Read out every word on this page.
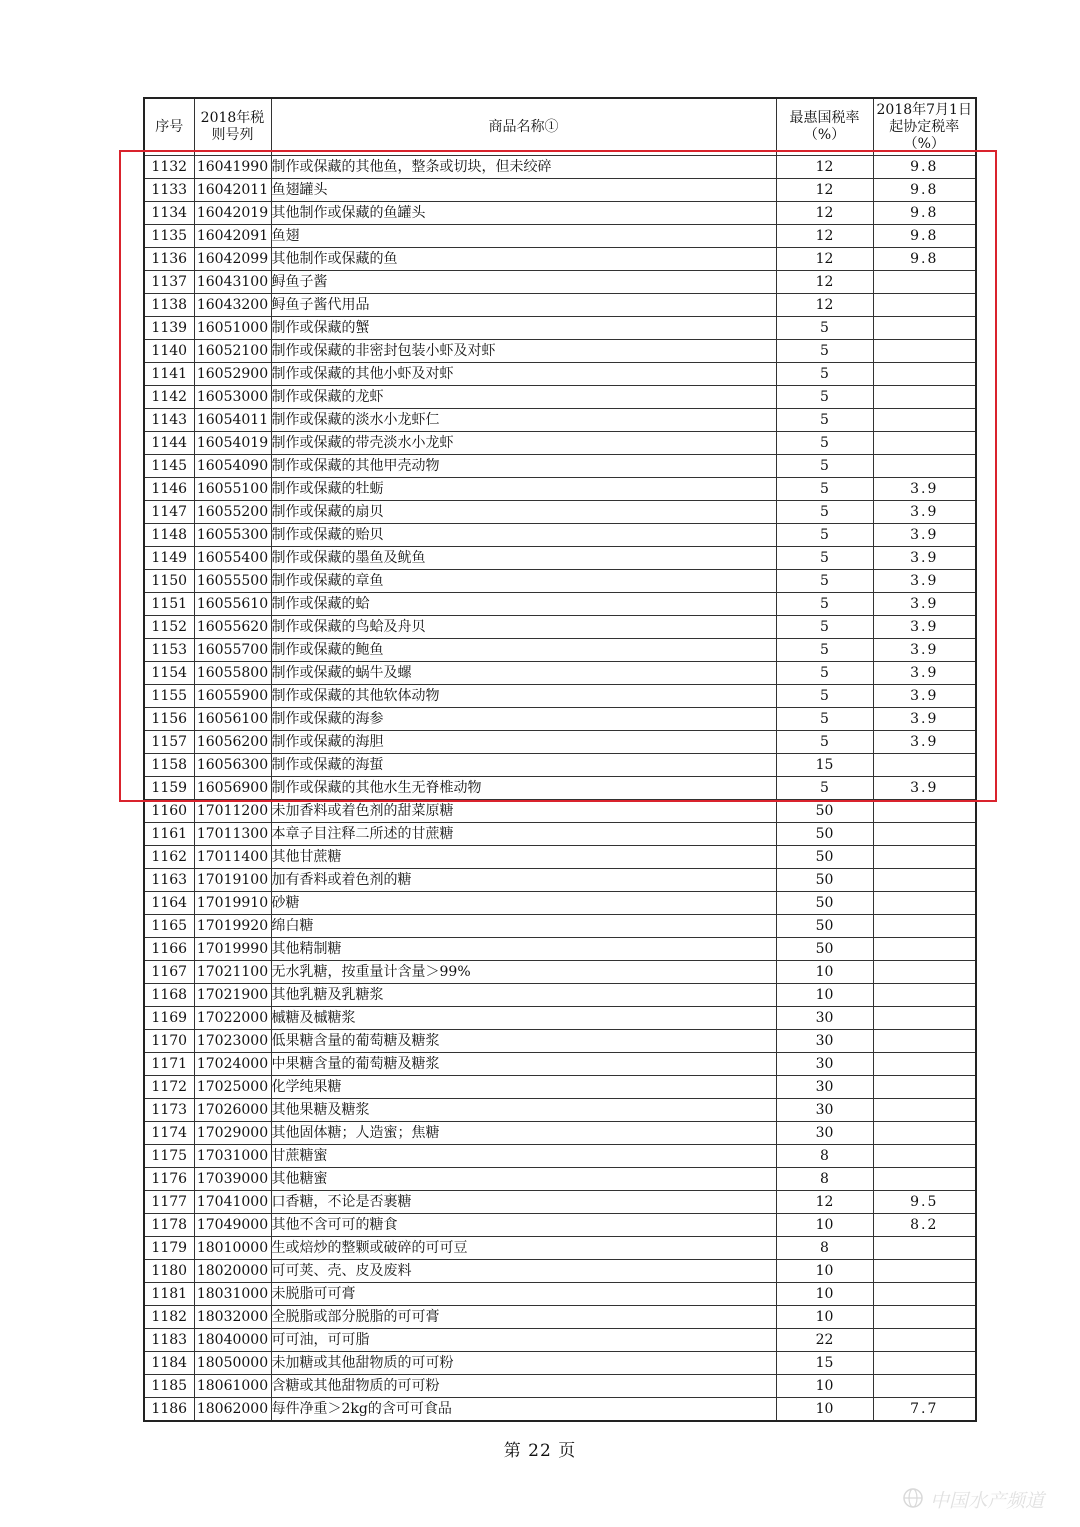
序号	2018年税则号列	商品名称①	最惠国税率（%）	2018年7月1日起协定税率（%）
1132	16041990	制作或保藏的其他鱼，整条或切块，但未绞碎	12	9.8
1133	16042011	鱼翅罐头	12	9.8
1134	16042019	其他制作或保藏的鱼罐头	12	9.8
1135	16042091	鱼翅	12	9.8
1136	16042099	其他制作或保藏的鱼	12	9.8
1137	16043100	鲟鱼子酱	12	
1138	16043200	鲟鱼子酱代用品	12	
1139	16051000	制作或保藏的蟹	5	
1140	16052100	制作或保藏的非密封包装小虾及对虾	5	
1141	16052900	制作或保藏的其他小虾及对虾	5	
1142	16053000	制作或保藏的龙虾	5	
1143	16054011	制作或保藏的淡水小龙虾仁	5	
1144	16054019	制作或保藏的带壳淡水小龙虾	5	
1145	16054090	制作或保藏的其他甲壳动物	5	
1146	16055100	制作或保藏的牡蛎	5	3.9
1147	16055200	制作或保藏的扇贝	5	3.9
1148	16055300	制作或保藏的贻贝	5	3.9
1149	16055400	制作或保藏的墨鱼及鱿鱼	5	3.9
1150	16055500	制作或保藏的章鱼	5	3.9
1151	16055610	制作或保藏的蛤	5	3.9
1152	16055620	制作或保藏的鸟蛤及舟贝	5	3.9
1153	16055700	制作或保藏的鲍鱼	5	3.9
1154	16055800	制作或保藏的蜗牛及螺	5	3.9
1155	16055900	制作或保藏的其他软体动物	5	3.9
1156	16056100	制作或保藏的海参	5	3.9
1157	16056200	制作或保藏的海胆	5	3.9
1158	16056300	制作或保藏的海蜇	15	
1159	16056900	制作或保藏的其他水生无脊椎动物	5	3.9
1160	17011200	未加香料或着色剂的甜菜原糖	50	
1161	17011300	本章子目注释二所述的甘蔗糖	50	
1162	17011400	其他甘蔗糖	50	
1163	17019100	加有香料或着色剂的糖	50	
1164	17019910	砂糖	50	
1165	17019920	绵白糖	50	
1166	17019990	其他精制糖	50	
1167	17021100	无水乳糖，按重量计含量＞99%	10	
1168	17021900	其他乳糖及乳糖浆	10	
1169	17022000	槭糖及槭糖浆	30	
1170	17023000	低果糖含量的葡萄糖及糖浆	30	
1171	17024000	中果糖含量的葡萄糖及糖浆	30	
1172	17025000	化学纯果糖	30	
1173	17026000	其他果糖及糖浆	30	
1174	17029000	其他固体糖；人造蜜；焦糖	30	
1175	17031000	甘蔗糖蜜	8	
1176	17039000	其他糖蜜	8	
1177	17041000	口香糖，不论是否裹糖	12	9.5
1178	17049000	其他不含可可的糖食	10	8.2
1179	18010000	生或焙炒的整颗或破碎的可可豆	8	
1180	18020000	可可荚、壳、皮及废料	10	
1181	18031000	未脱脂可可膏	10	
1182	18032000	全脱脂或部分脱脂的可可膏	10	
1183	18040000	可可油，可可脂	22	
1184	18050000	未加糖或其他甜物质的可可粉	15	
1185	18061000	含糖或其他甜物质的可可粉	10	
1186	18062000	每件净重＞2kg的含可可食品	10	7.7
第 22 页
中国水产频道
